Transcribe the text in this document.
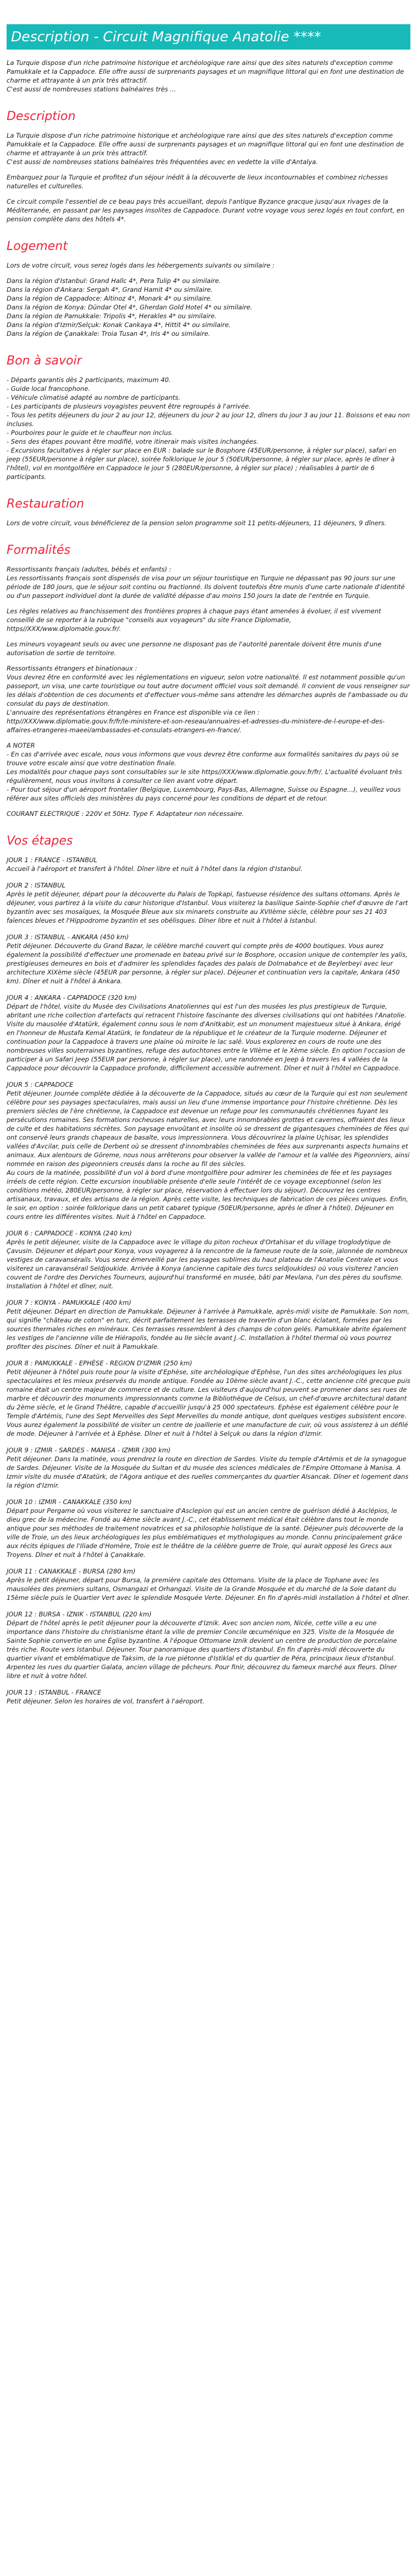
Description - Circuit Magnifique Anatolie ****
La Turquie dispose d'un riche patrimoine historique et archéologique rare ainsi que des sites naturels d'exception comme Pamukkale et la Cappadoce. Elle offre aussi de surprenants paysages et un magnifique littoral qui en font une destination de charme et attrayante à un prix très attractif.
C'est aussi de nombreuses stations balnéaires très ...
Description

La Turquie dispose d'un riche patrimoine historique et archéologique rare ainsi que des sites naturels d'exception comme Pamukkale et la Cappadoce. Elle offre aussi de surprenants paysages et un magnifique littoral qui en font une destination de charme et attrayante à un prix très attractif.
C'est aussi de nombreuses stations balnéaires très fréquentées avec en vedette la ville d'Antalya.

Embarquez pour la Turquie et profitez d'un séjour inédit à la découverte de lieux incontournables et combinez richesses naturelles et culturelles.

Ce circuit compile l'essentiel de ce beau pays très accueillant, depuis l'antique Byzance gracque jusqu'aux rivages de la Méditerranée, en passant par les paysages insolites de Cappadoce. Durant votre voyage vous serez logés en tout confort, en pension complète dans des hôtels 4*.

Logement

Lors de votre circuit, vous serez logés dans les hébergements suivants ou similaire :

Dans la région d'Istanbul: Grand Hallc 4*, Pera Tulip 4* ou similaire.
Dans la région d'Ankara: Sergah 4*, Grand Hamit 4* ou similaire.
Dans la région de Cappadoce: Altinoz 4*, Monark 4* ou similaire.
Dans la région de Konya: Dündar Otel 4*, Gherdan Gold Hotel 4* ou similaire.
Dans la région de Pamukkale: Tripolis 4*, Herakles 4* ou similaire.
Dans la région d'Izmir/Selçuk: Konak Cankaya 4*, Hittit 4* ou similaire.
Dans la région de Çanakkale: Troia Tusan 4*, Iris 4* ou similaire.

Bon à savoir

- Départs garantis dès 2 participants, maximum 40.
- Guide local francophone.
- Véhicule climatisé adapté au nombre de participants.
- Les participants de plusieurs voyagistes peuvent être regroupés à l'arrivée.
- Tous les petits déjeuners du jour 2 au jour 12, déjeuners du jour 2 au jour 12, dîners du jour 3 au jour 11. Boissons et eau non incluses.
- Pourboires pour le guide et le chauffeur non inclus.
- Sens des étapes pouvant être modifié, votre itinerair mais visites inchangées.
- Excursions facultatives à régler sur place en EUR : balade sur le Bosphore (45EUR/personne, à régler sur place), safari en jeep (55EUR/personne à régler sur place), soirée folklorique le jour 5 (50EUR/personne, à régler sur place, après le dîner à l'hôtel), vol en montgolfière en Cappadoce le jour 5 (280EUR/personne, à régler sur place) ; réalisables à partir de 6 participants.

Restauration

Lors de votre circuit, vous bénéficierez de la pension selon programme soit 11 petits-déjeuners, 11 déjeuners, 9 dîners.

Formalités

Ressortissants français (adultes, bébés et enfants) :
Les ressortissants français sont dispensés de visa pour un séjour touristique en Turquie ne dépassant pas 90 jours sur une période de 180 jours, que le séjour soit continu ou fractionné. Ils doivent toutefois être munis d'une carte nationale d'identité ou d'un passeport individuel dont la durée de validité dépasse d'au moins 150 jours la date de l'entrée en Turquie.

Les règles relatives au franchissement des frontières propres à chaque pays étant amenées à évoluer, il est vivement conseillé de se reporter à la rubrique "conseils aux voyageurs" du site France Diplomatie,
https//XXX/www.diplomatie.gouv.fr/.

Les mineurs voyageant seuls ou avec une personne ne disposant pas de l'autorité parentale doivent être munis d'une autorisation de sortie de territoire.

Ressortissants étrangers et binationaux :
Vous devrez être en conformité avec les réglementations en vigueur, selon votre nationalité. Il est notamment possible qu'un passeport, un visa, une carte touristique ou tout autre document officiel vous soit demandé. Il convient de vous renseigner sur les délais d'obtention de ces documents et d'effectuer vous-même sans attendre les démarches auprès de l'ambassade ou du consulat du pays de destination.
L'annuaire des représentations étrangères en France est disponible via ce lien :
http//XXX/www.diplomatie.gouv.fr/fr/le-ministere-et-son-reseau/annuaires-et-adresses-du-ministere-de-l-europe-et-des-affaires-etrangeres-maeei/ambassades-et-consulats-etrangers-en-france/.

A NOTER
- En cas d'arrivée avec escale, nous vous informons que vous devrez être conforme aux formalités sanitaires du pays où se trouve votre escale ainsi que votre destination finale.
Les modalités pour chaque pays sont consultables sur le site https//XXX/www.diplomatie.gouv.fr/fr/. L'actualité évoluant très régulièrement, nous vous invitons à consulter ce lien avant votre départ.
- Pour tout séjour d'un aéroport frontalier (Belgique, Luxembourg, Pays-Bas, Allemagne, Suisse ou Espagne...), veuillez vous référer aux sites officiels des ministères du pays concerné pour les conditions de départ et de retour.

COURANT ELECTRIQUE : 220V et 50Hz. Type F. Adaptateur non nécessaire.

Vos étapes

JOUR 1 : FRANCE - ISTANBUL
Accueil à l'aéroport et transfert à l'hôtel. Dîner libre et nuit à l'hôtel dans la région d'Istanbul.

JOUR 2 : ISTANBUL
Après le petit déjeuner, départ pour la découverte du Palais de Topkapi, fastueuse résidence des sultans ottomans. Après le déjeuner, vous partirez à la visite du cœur historique d'Istanbul. Vous visiterez la basilique Sainte-Sophie chef d'œuvre de l'art byzantin avec ses mosaïques, la Mosquée Bleue aux six minarets construite au XVIIème siècle, célèbre pour ses 21 403 faïences bleues et l'Hippodrome byzantin et ses obélisques. Dîner libre et nuit à l'hôtel à Istanbul.

JOUR 3 : ISTANBUL - ANKARA (450 km)
Petit déjeuner. Découverte du Grand Bazar, le célèbre marché couvert qui compte près de 4000 boutiques. Vous aurez également la possibilité d'effectuer une promenade en bateau privé sur le Bosphore, occasion unique de contempler les yalis, prestigieuses demeures en bois et d'admirer les splendides façades des palais de Dolmabahce et de Beylerbeyi avec leur architecture XIXème siècle (45EUR par personne, à régler sur place). Déjeuner et continuation vers la capitale, Ankara (450 km). Dîner et nuit à l'hôtel à Ankara.

JOUR 4 : ANKARA - CAPPADOCE (320 km)
Départ de l'hôtel, visite du Musée des Civilisations Anatoliennes qui est l'un des musées les plus prestigieux de Turquie, abritant une riche collection d'artefacts qui retracent l'histoire fascinante des diverses civilisations qui ont habitées l'Anatolie. Visite du mausolée d'Atatürk, également connu sous le nom d'Anitkabir, est un monument majestueux situé à Ankara, érigé en l'honneur de Mustafa Kemal Atatürk, le fondateur de la république et le créateur de la Turquie moderne. Déjeuner et continuation pour la Cappadoce à travers une plaine où miroite le lac salé. Vous explorerez en cours de route une des nombreuses villes souterraines byzantines, refuge des autochtones entre le VIIème et le Xème siècle. En option l'occasion de participer à un Safari Jeep (55EUR par personne, à régler sur place), une randonnée en Jeep à travers les 4 vallées de la Cappadoce pour découvrir la Cappadoce profonde, difficilement accessible autrement. Dîner et nuit à l'hôtel en Cappadoce.

JOUR 5 : CAPPADOCE
Petit déjeuner. Journée complète dédiée à la découverte de la Cappadoce, situés au cœur de la Turquie qui est non seulement célèbre pour ses paysages spectaculaires, mais aussi un lieu d'une immense importance pour l'histoire chrétienne. Dès les premiers siècles de l'ère chrétienne, la Cappadoce est devenue un refuge pour les communautés chrétiennes fuyant les persécutions romaines. Ses formations rocheuses naturelles, avec leurs innombrables grottes et cavernes, offraient des lieux de culte et des habitations sécrètes. Son paysage envoûtant et insolite où se dressent de gigantesques cheminées de fées qui ont conservé leurs grands chapeaux de basalte, vous impressionnera. Vous découvrirez la plaine Uçhisar, les splendides vallées d'Avcilar, puis celle de Derbent où se dressent d'innombrables cheminées de fées aux surprenants aspects humains et animaux. Aux alentours de Göreme, nous nous arrêterons pour observer la vallée de l'amour et la vallée des Pigeonniers, ainsi nommée en raison des pigeonniers creusés dans la roche au fil des siècles.
Au cours de la matinée, possibilité d'un vol à bord d'une montgolfière pour admirer les cheminées de fée et les paysages irréels de cette région. Cette excursion inoubliable présente d'elle seule l'intérêt de ce voyage exceptionnel (selon les conditions météo, 280EUR/personne, à régler sur place, réservation à effectuer lors du séjour). Découvrez les centres artisanaux, travaux, et des artisans de la région. Après cette visite, les techniques de fabrication de ces pièces uniques. Enfin, le soir, en option : soirée folklorique dans un petit cabaret typique (50EUR/personne, après le dîner à l'hôtel). Déjeuner en cours entre les différentes visites. Nuit à l'hôtel en Cappadoce.

JOUR 6 : CAPPADOCE - KONYA (240 km)
Après le petit déjeuner, visite de la Cappadoce avec le village du piton rocheux d'Ortahisar et du village troglodytique de Çavusin. Déjeuner et départ pour Konya, vous voyagerez à la rencontre de la fameuse route de la soie, jalonnée de nombreux vestiges de caravansérails. Vous serez émerveillé par les paysages sublimes du haut plateau de l'Anatolie Centrale et vous visiterez un caravansérail Seldjoukide. Arrivée à Konya (ancienne capitale des turcs seldjoukides) où vous visiterez l'ancien couvent de l'ordre des Derviches Tourneurs, aujourd'hui transformé en musée, bâti par Mevlana, l'un des pères du soufisme. Installation à l'hôtel et dîner, nuit.

JOUR 7 : KONYA - PAMUKKALE (400 km)
Petit déjeuner. Départ en direction de Pamukkale. Déjeuner à l'arrivée à Pamukkale, après-midi visite de Pamukkale. Son nom, qui signifie "château de coton" en turc, décrit parfaitement les terrasses de travertin d'un blanc éclatant, formées par les sources thermales riches en minéraux. Ces terrasses ressemblent à des champs de coton gelés. Pamukkale abrite également les vestiges de l'ancienne ville de Hiérapolis, fondée au IIe siècle avant J.-C. Installation à l'hôtel thermal où vous pourrez profiter des piscines. Dîner et nuit à Pamukkale.

JOUR 8 : PAMUKKALE - EPHÈSE - REGION D'IZMIR (250 km)
Petit déjeuner à l'hôtel puis route pour la visite d'Ephèse, site archéologique d'Ephèse, l'un des sites archéologiques les plus spectaculaires et les mieux préservés du monde antique. Fondée au 10ème siècle avant J.-C., cette ancienne cité grecque puis romaine était un centre majeur de commerce et de culture. Les visiteurs d'aujourd'hui peuvent se promener dans ses rues de marbre et découvrir des monuments impressionnants comme la Bibliothèque de Celsus, un chef-d'œuvre architectural datant du 2ème siècle, et le Grand Théâtre, capable d'accueillir jusqu'à 25 000 spectateurs. Ephèse est également célèbre pour le Temple d'Artémis, l'une des Sept Merveilles des Sept Merveilles du monde antique, dont quelques vestiges subsistent encore. Vous aurez également la possibilité de visiter un centre de joaillerie et une manufacture de cuir, où vous assisterez à un défilé de mode. Déjeuner à l'arrivée et à Ephèse. Dîner et nuit à l'hôtel à Selçuk ou dans la région d'Izmir.

JOUR 9 : IZMIR - SARDES - MANISA - IZMIR (300 km)
Petit déjeuner. Dans la matinée, vous prendrez la route en direction de Sardes. Visite du temple d'Artémis et de la synagogue de Sardes. Déjeuner. Visite de la Mosquée du Sultan et du musée des sciences médicales de l'Empire Ottomane à Manisa. A Izmir visite du musée d'Atatürk, de l'Agora antique et des ruelles commerçantes du quartier Alsancak. Dîner et logement dans la région d'Izmir.

JOUR 10 : IZMIR - CANAKKALE (350 km)
Départ pour Pergame où vous visiterez le sanctuaire d'Asclepion qui est un ancien centre de guérison dédié à Asclépios, le dieu grec de la médecine. Fondé au 4ème siècle avant J.-C., cet établissement médical était célèbre dans tout le monde antique pour ses méthodes de traitement novatrices et sa philosophie holistique de la santé. Déjeuner puis découverte de la ville de Troie, un des lieux archéologiques les plus emblématiques et mythologiques au monde. Connu principalement grâce aux récits épiques de l'Iliade d'Homère, Troie est le théâtre de la célèbre guerre de Troie, qui aurait opposé les Grecs aux Troyens. Dîner et nuit à l'hôtel à Çanakkale.

JOUR 11 : CANAKKALE - BURSA (280 km)
Après le petit déjeuner, départ pour Bursa, la première capitale des Ottomans. Visite de la place de Tophane avec les mausolées des premiers sultans, Osmangazi et Orhangazi. Visite de la Grande Mosquée et du marché de la Soie datant du 15ème siècle puis le Quartier Vert avec le splendide Mosquée Verte. Déjeuner. En fin d'après-midi installation à l'hôtel et dîner.

JOUR 12 : BURSA - IZNIK - ISTANBUL (220 km)
Départ de l'hôtel après le petit déjeuner pour la découverte d'Iznik. Avec son ancien nom, Nicée, cette ville a eu une importance dans l'histoire du christianisme étant la ville de premier Concile œcuménique en 325. Visite de la Mosquée de Sainte Sophie convertie en une Église byzantine. A l'époque Ottomane Iznik devient un centre de production de porcelaine très riche. Route vers Istanbul. Déjeuner. Tour panoramique des quartiers d'Istanbul. En fin d'après-midi découverte du quartier vivant et emblématique de Taksim, de la rue piétonne d'Istiklal et du quartier de Péra, principaux lieux d'Istanbul. Arpentez les rues du quartier Galata, ancien village de pêcheurs. Pour finir, découvrez du fameux marché aux fleurs. Dîner libre et nuit à votre hôtel.

JOUR 13 : ISTANBUL - FRANCE
Petit déjeuner. Selon les horaires de vol, transfert à l'aéroport.
